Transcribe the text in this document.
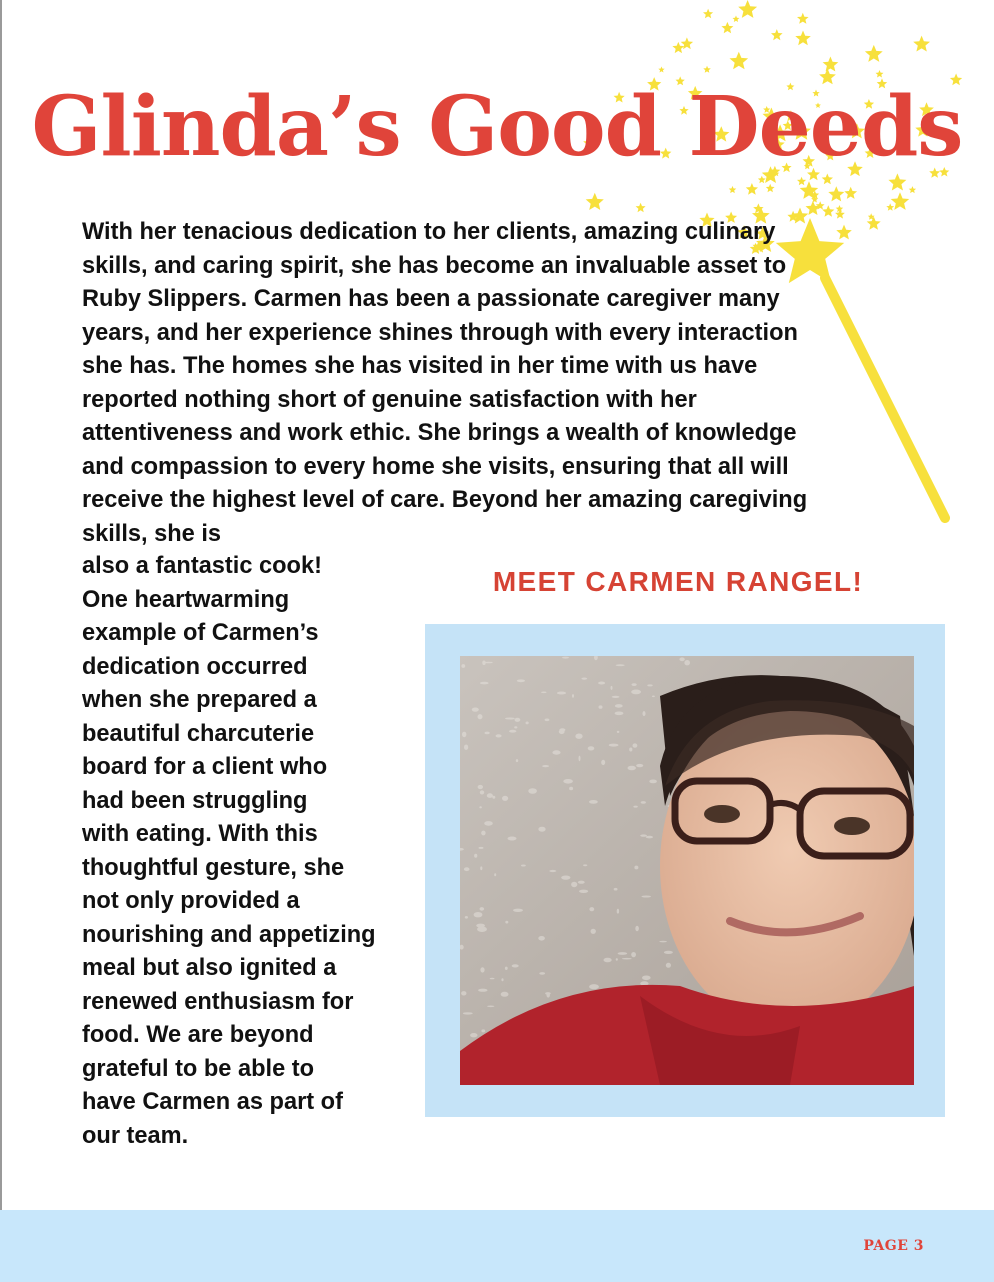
Glinda’s Good Deeds

With her tenacious dedication to her clients, amazing culinary skills, and caring spirit, she has become an invaluable asset to Ruby Slippers. Carmen has been a passionate caregiver many years, and her experience shines through with every interaction she has. The homes she has visited in her time with us have reported nothing short of genuine satisfaction with her attentiveness and work ethic. She brings a wealth of knowledge and compassion to every home she visits, ensuring that all will receive the highest level of care. Beyond her amazing caregiving skills, she is

also a fantastic cook!
One heartwarming
example of Carmen’s
dedication occurred
when she prepared a
beautiful charcuterie
board for a client who
had been struggling
with eating. With this
thoughtful gesture, she
not only provided a
nourishing and appetizing
meal but also ignited a
renewed enthusiasm for
food. We are beyond
grateful to be able to
have Carmen as part of
our team.
MEET CARMEN RANGEL!
PAGE 3
